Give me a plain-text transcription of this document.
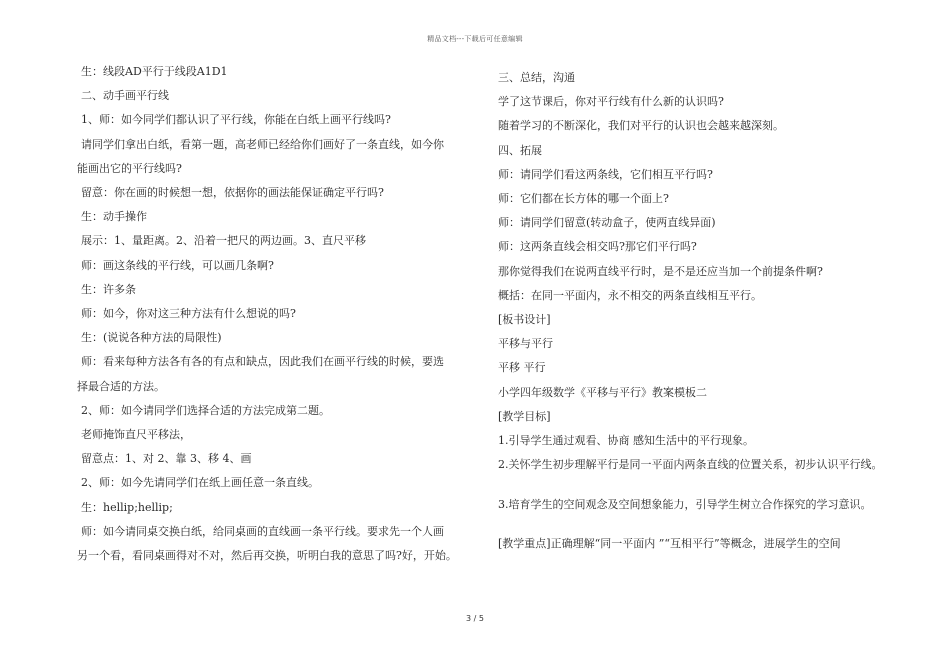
精品文档---下载后可任意编辑

生：线段AD平行于线段A1D1

二、动手画平行线

1、师：如今同学们都认识了平行线，你能在白纸上画平行线吗?

请同学们拿出白纸，看第一题，高老师已经给你们画好了一条直线，如今你

能画出它的平行线吗?

留意：你在画的时候想一想，依据你的画法能保证确定平行吗?

生：动手操作

展示：1、量距离。2、沿着一把尺的两边画。3、直尺平移

师：画这条线的平行线，可以画几条啊?

生：许多条

师：如今，你对这三种方法有什么想说的吗?

生：(说说各种方法的局限性)

师：看来每种方法各有各的有点和缺点，因此我们在画平行线的时候，要选

择最合适的方法。

2、师：如今请同学们选择合适的方法完成第二题。

老师掩饰直尺平移法，

留意点：1、对 2、靠 3、移 4、画

2、师：如今先请同学们在纸上画任意一条直线。

生：hellip;hellip;

师：如今请同桌交换白纸，给同桌画的直线画一条平行线。要求先一个人画

另一个看，看同桌画得对不对，然后再交换，听明白我的意思了吗?好，开始。

三、总结，沟通

学了这节课后，你对平行线有什么新的认识吗?

随着学习的不断深化，我们对平行的认识也会越来越深刻。

四、拓展

师：请同学们看这两条线，它们相互平行吗?

师：它们都在长方体的哪一个面上?

师：请同学们留意(转动盒子，使两直线异面)

师：这两条直线会相交吗?那它们平行吗?

那你觉得我们在说两直线平行时，是不是还应当加一个前提条件啊?

概括：在同一平面内，永不相交的两条直线相互平行。

[板书设计]

平移与平行

平移 平行

小学四年级数学《平移与平行》教案模板二

[教学目标]

1.引导学生通过观看、协商 感知生活中的平行现象。

2.关怀学生初步理解平行是同一平面内两条直线的位置关系，初步认识平行线。

3.培育学生的空间观念及空间想象能力，引导学生树立合作探究的学习意识。

[教学重点]正确理解“同一平面内 ”“互相平行”等概念，进展学生的空间

3 / 5
